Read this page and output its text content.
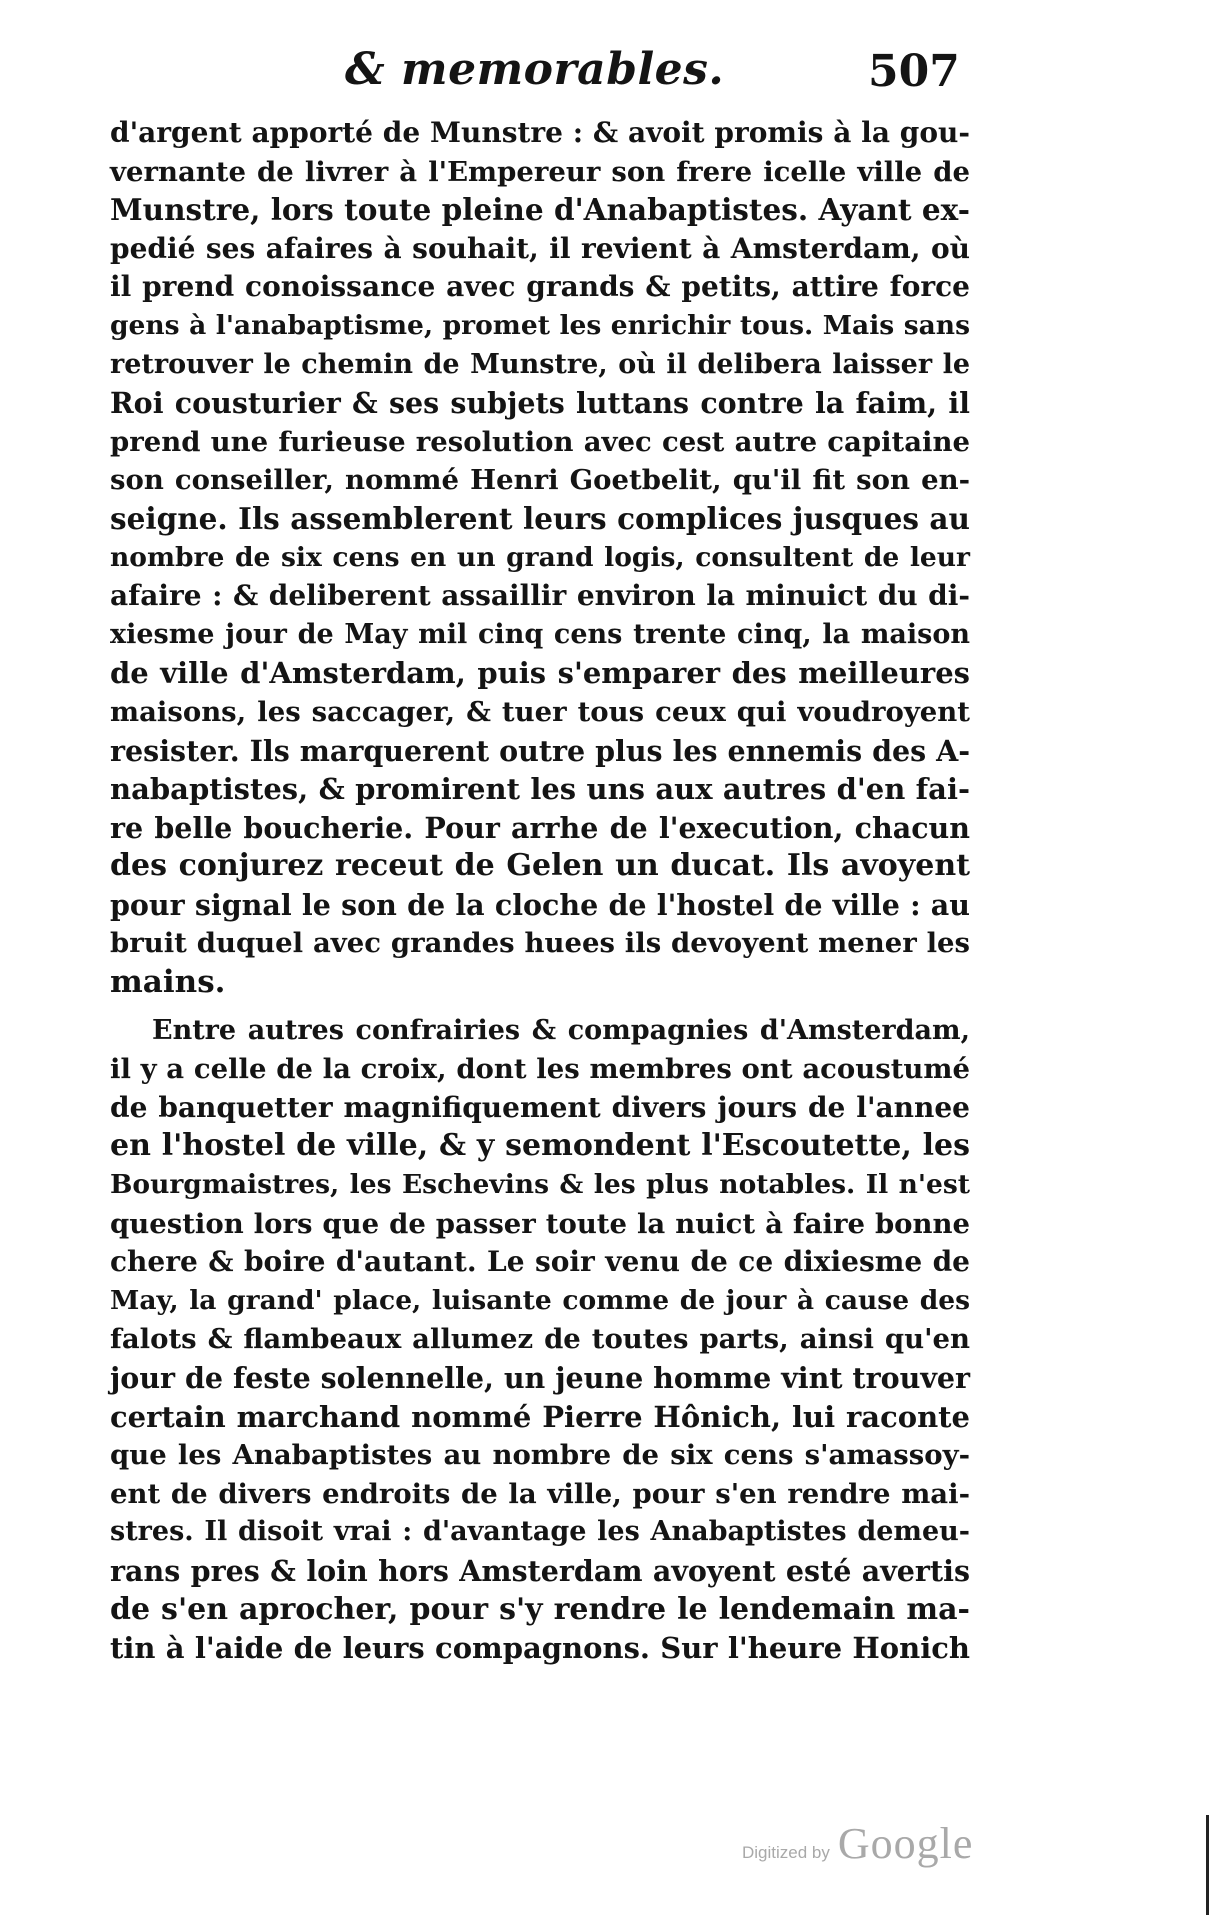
& memorables.	507
d'argent apporté de Munstre : & avoit promis à la gou-
vernante de livrer à l'Empereur son frere icelle ville de
Munstre, lors toute pleine d'Anabaptistes. Ayant ex-
pedié ses afaires à souhait, il revient à Amsterdam, où
il prend conoissance avec grands & petits, attire force
gens à l'anabaptisme, promet les enrichir tous. Mais sans
retrouver le chemin de Munstre, où il delibera laisser le
Roi cousturier & ses subjets luttans contre la faim, il
prend une furieuse resolution avec cest autre capitaine
son conseiller, nommé Henri Goetbelit, qu'il fit son en-
seigne. Ils assemblerent leurs complices jusques au
nombre de six cens en un grand logis, consultent de leur
afaire : & deliberent assaillir environ la minuict du di-
xiesme jour de May mil cinq cens trente cinq, la maison
de ville d'Amsterdam, puis s'emparer des meilleures
maisons, les saccager, & tuer tous ceux qui voudroyent
resister. Ils marquerent outre plus les ennemis des A-
nabaptistes, & promirent les uns aux autres d'en fai-
re belle boucherie. Pour arrhe de l'execution, chacun
des conjurez receut de Gelen un ducat. Ils avoyent
pour signal le son de la cloche de l'hostel de ville : au
bruit duquel avec grandes huees ils devoyent mener les
mains.
Entre autres confrairies & compagnies d'Amsterdam,
il y a celle de la croix, dont les membres ont acoustumé
de banquetter magnifiquement divers jours de l'annee
en l'hostel de ville, & y semondent l'Escoutette, les
Bourgmaistres, les Eschevins & les plus notables. Il n'est
question lors que de passer toute la nuict à faire bonne
chere & boire d'autant. Le soir venu de ce dixiesme de
May, la grand' place, luisante comme de jour à cause des
falots & flambeaux allumez de toutes parts, ainsi qu'en
jour de feste solennelle, un jeune homme vint trouver
certain marchand nommé Pierre Hônich, lui raconte
que les Anabaptistes au nombre de six cens s'amassoy-
ent de divers endroits de la ville, pour s'en rendre mai-
stres. Il disoit vrai : d'avantage les Anabaptistes demeu-
rans pres & loin hors Amsterdam avoyent esté avertis
de s'en aprocher, pour s'y rendre le lendemain ma-
tin à l'aide de leurs compagnons. Sur l'heure Honich
Digitized by Google
